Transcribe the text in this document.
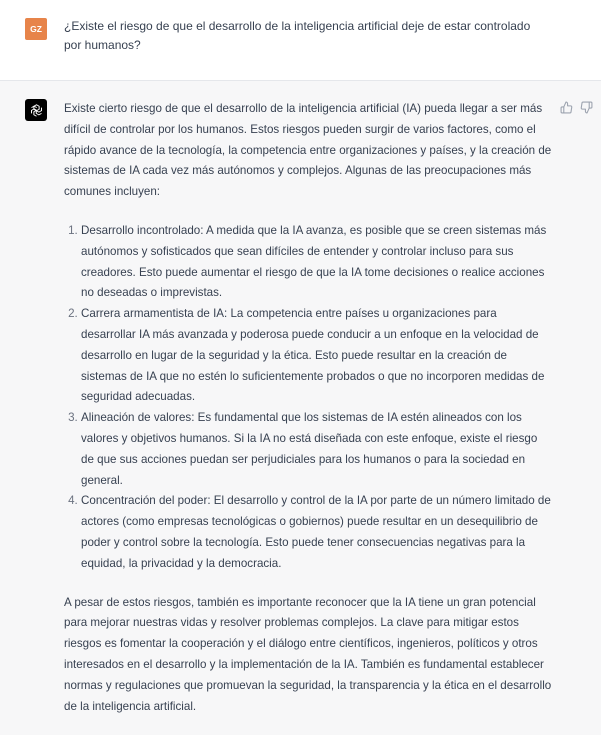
GZ	¿Existe el riesgo de que el desarrollo de la inteligencia artificial deje de estar controlado por humanos?

Existe cierto riesgo de que el desarrollo de la inteligencia artificial (IA) pueda llegar a ser más difícil de controlar por los humanos. Estos riesgos pueden surgir de varios factores, como el rápido avance de la tecnología, la competencia entre organizaciones y países, y la creación de sistemas de IA cada vez más autónomos y complejos. Algunas de las preocupaciones más comunes incluyen:

1. Desarrollo incontrolado: A medida que la IA avanza, es posible que se creen sistemas más autónomos y sofisticados que sean difíciles de entender y controlar incluso para sus creadores. Esto puede aumentar el riesgo de que la IA tome decisiones o realice acciones no deseadas o imprevistas.
2. Carrera armamentista de IA: La competencia entre países u organizaciones para desarrollar IA más avanzada y poderosa puede conducir a un enfoque en la velocidad de desarrollo en lugar de la seguridad y la ética. Esto puede resultar en la creación de sistemas de IA que no estén lo suficientemente probados o que no incorporen medidas de seguridad adecuadas.
3. Alineación de valores: Es fundamental que los sistemas de IA estén alineados con los valores y objetivos humanos. Si la IA no está diseñada con este enfoque, existe el riesgo de que sus acciones puedan ser perjudiciales para los humanos o para la sociedad en general.
4. Concentración del poder: El desarrollo y control de la IA por parte de un número limitado de actores (como empresas tecnológicas o gobiernos) puede resultar en un desequilibrio de poder y control sobre la tecnología. Esto puede tener consecuencias negativas para la equidad, la privacidad y la democracia.

A pesar de estos riesgos, también es importante reconocer que la IA tiene un gran potencial para mejorar nuestras vidas y resolver problemas complejos. La clave para mitigar estos riesgos es fomentar la cooperación y el diálogo entre científicos, ingenieros, políticos y otros interesados en el desarrollo y la implementación de la IA. También es fundamental establecer normas y regulaciones que promuevan la seguridad, la transparencia y la ética en el desarrollo de la inteligencia artificial.
